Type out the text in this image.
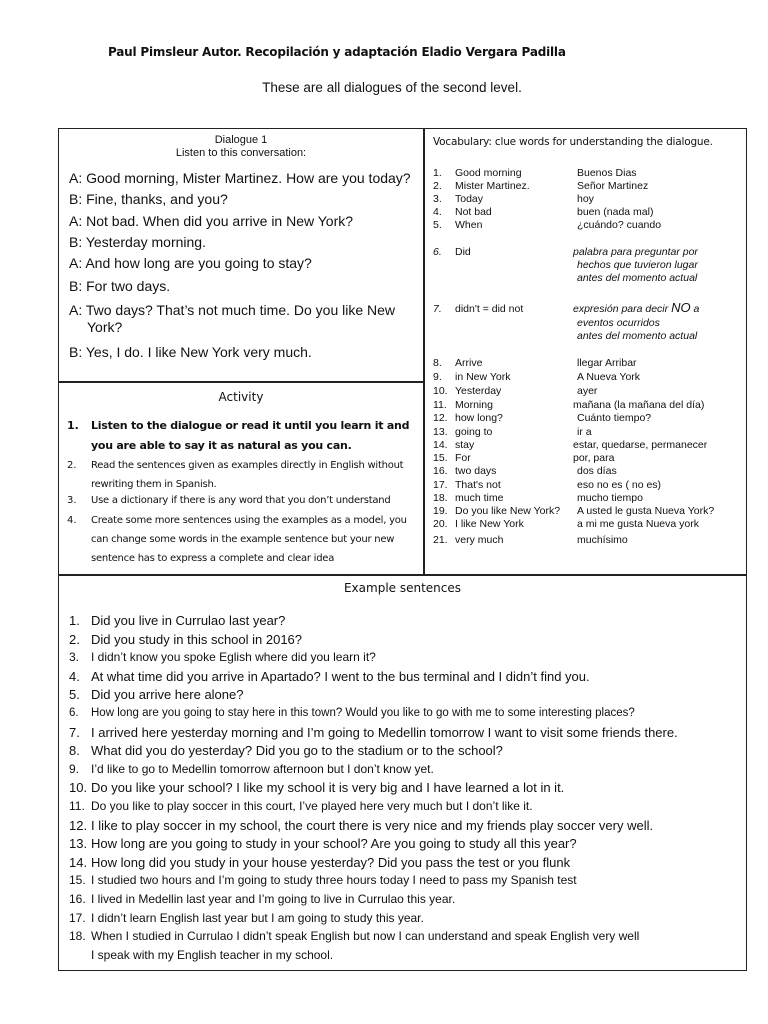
Paul Pimsleur Autor. Recopilación y adaptación Eladio Vergara Padilla
These are all dialogues of the second level.
Dialogue 1
Listen to this conversation:
A: Good morning, Mister Martinez. How are you today?
B: Fine, thanks, and you?
A: Not bad. When did you arrive in New York?
B: Yesterday morning.
A: And how long are you going to stay?
B: For two days.
A: Two days? That’s not much time. Do you like New York?
B: Yes, I do. I like New York very much.
Vocabulary: clue words for understanding the dialogue.
1. Good morning	Buenos Dias
2. Mister Martinez.	Señor Martinez
3. Today	hoy
4. Not bad	buen (nada mal)
5. When	¿cuándo? cuando
6. Did	palabra para preguntar por
hechos que tuvieron lugar
antes del momento actual
7. didn't = did not	expresión para decir NO a
eventos ocurridos
antes del momento actual
8. Arrive	llegar Arribar
9. in New York	A Nueva York
10. Yesterday	ayer
11. Morning	mañana (la mañana del día)
12. how long?	Cuánto tiempo?
13. going to	ir a
14. stay	estar, quedarse, permanecer
15. For	por, para
16. two days	dos días
17. That's not	eso no es ( no es)
18. much time	mucho tiempo
19. Do you like New York?	A usted le gusta Nueva York?
20. I like New York	a mi me gusta Nueva york
21. very much	muchísimo
Activity
1. Listen to the dialogue or read it until you learn it and you are able to say it as natural as you can.
2. Read the sentences given as examples directly in English without rewriting them in Spanish.
3. Use a dictionary if there is any word that you don’t understand
4. Create some more sentences using the examples as a model, you can change some words in the example sentence but your new sentence has to express a complete and clear idea
Example sentences
1. Did you live in Currulao last year?
2. Did you study in this school in 2016?
3. I didn’t know you spoke Eglish where did you learn it?
4. At what time did you arrive in Apartado? I went to the bus terminal and I didn’t find you.
5. Did you arrive here alone?
6. How long are you going to stay here in this town? Would you like to go with me to some interesting places?
7. I arrived here yesterday morning and I’m going to Medellin tomorrow I want to visit some friends there.
8. What did you do yesterday? Did you go to the stadium or to the school?
9. I’d like to go to Medellin tomorrow afternoon but I don’t know yet.
10. Do you like your school? I like my school it is very big and I have learned a lot in it.
11. Do you like to play soccer in this court, I’ve played here very much but I don’t like it.
12. I like to play soccer in my school, the court there is very nice and my friends play soccer very well.
13. How long are you going to study in your school? Are you going to study all this year?
14. How long did you study in your house yesterday? Did you pass the test or you flunk
15. I studied two hours and I’m going to study three hours today I need to pass my Spanish test
16. I lived in Medellin last year and I’m going to live in Currulao this year.
17. I didn’t learn English last year but I am going to study this year.
18. When I studied in Currulao I didn’t speak English but now I can understand and speak English very well
I speak with my English teacher in my school.
